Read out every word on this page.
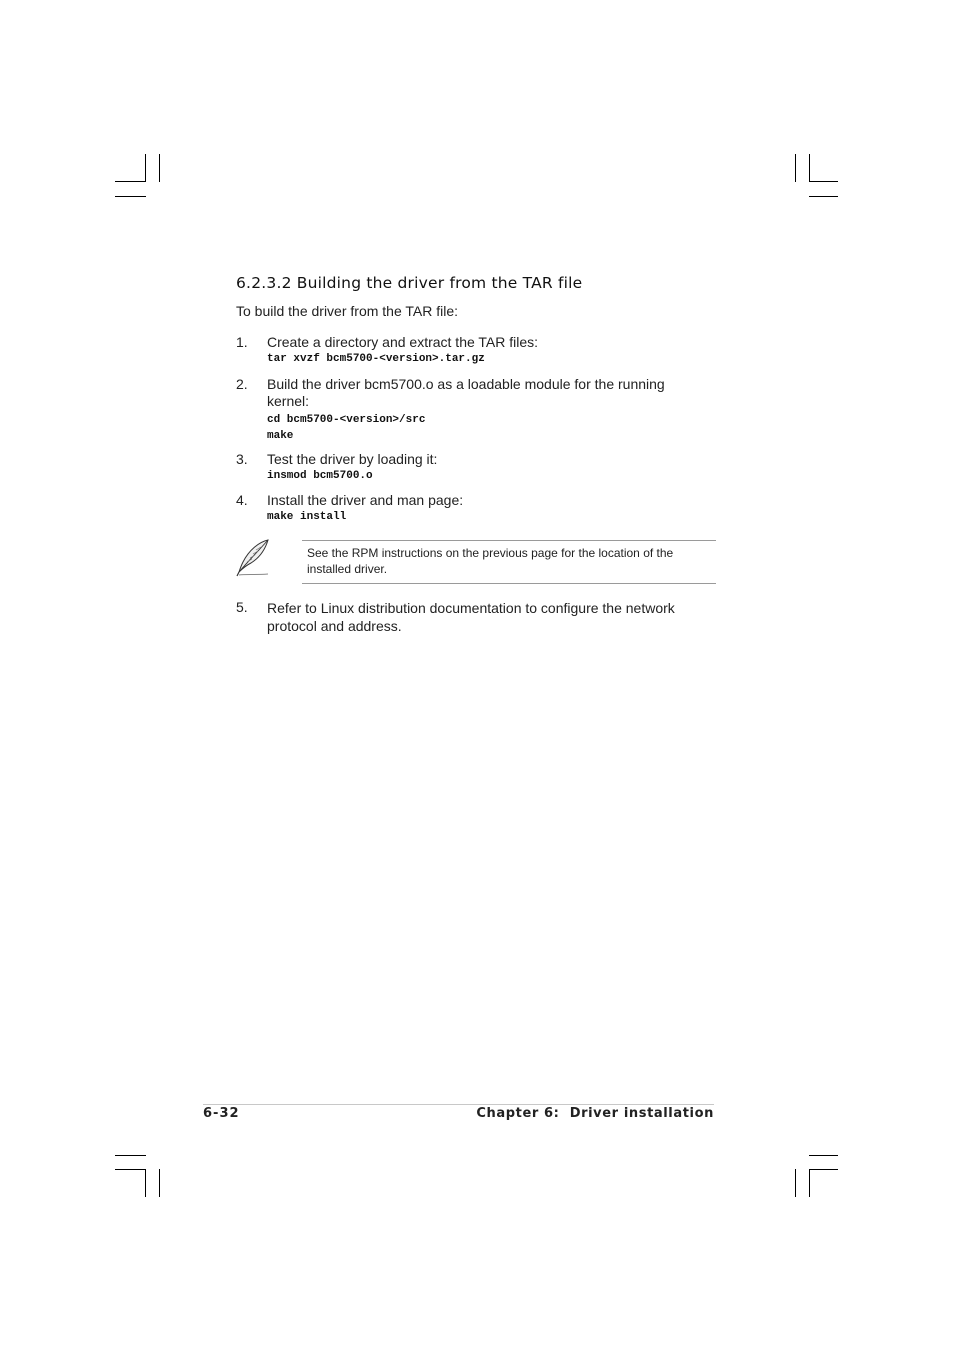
6.2.3.2 Building the driver from the TAR file
To build the driver from the TAR file:
1. Create a directory and extract the TAR files:
tar xvzf bcm5700-<version>.tar.gz
2. Build the driver bcm5700.o as a loadable module for the running kernel:
cd bcm5700-<version>/src
make
3. Test the driver by loading it:
insmod bcm5700.o
4. Install the driver and man page:
make install
See the RPM instructions on the previous page for the location of the installed driver.
5. Refer to Linux distribution documentation to configure the network protocol and address.
6-32	Chapter 6:  Driver installation
